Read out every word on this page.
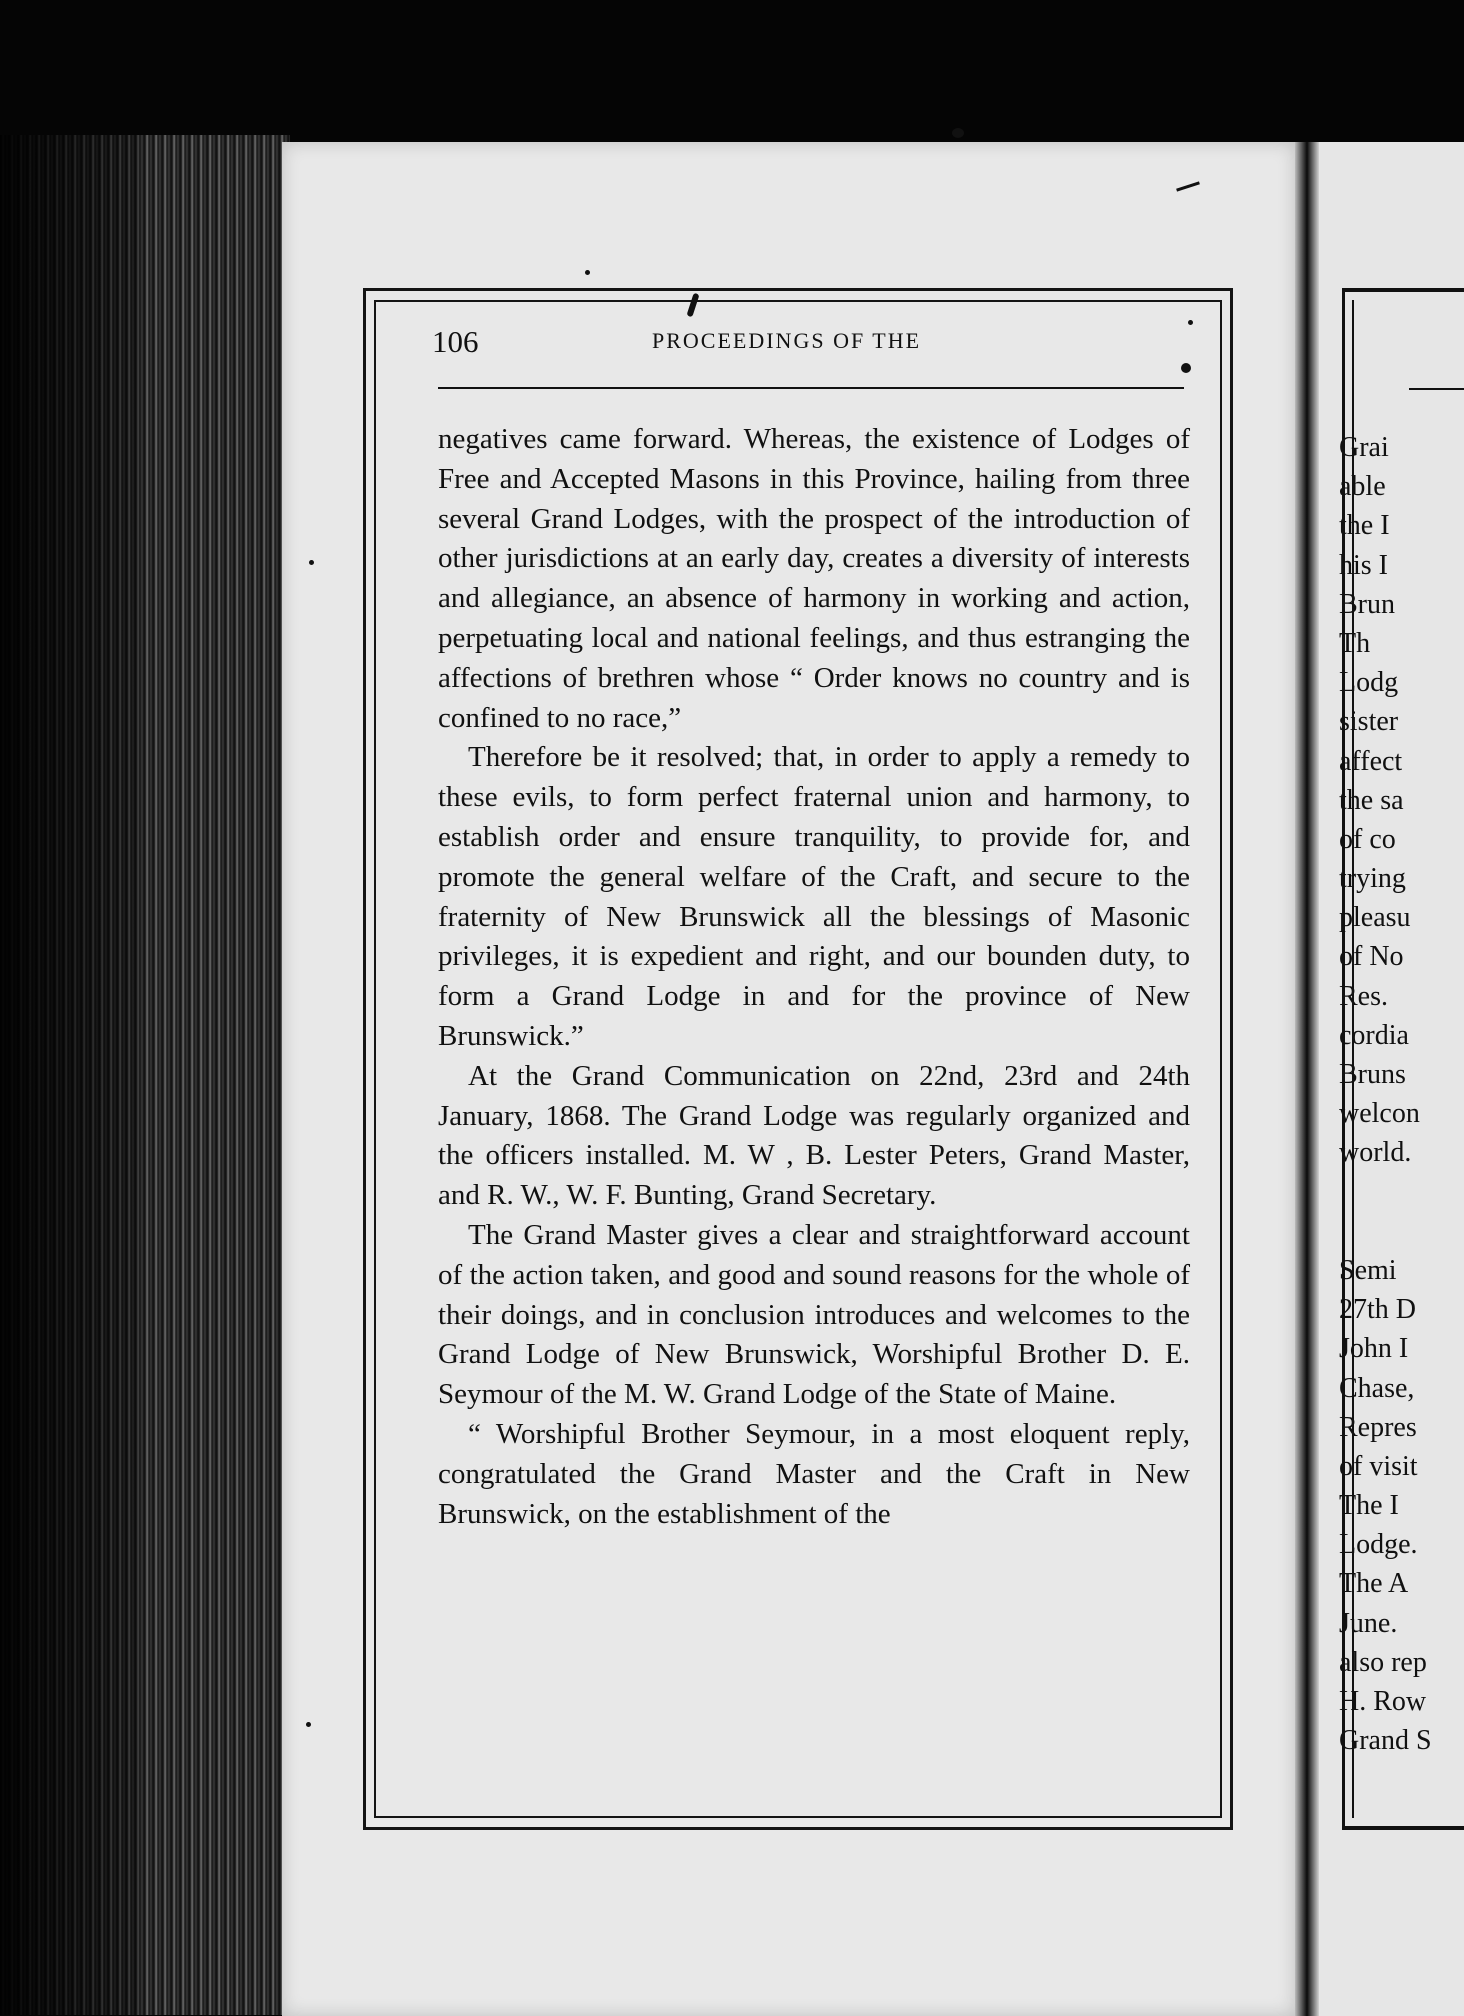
106	PROCEEDINGS OF THE

negatives came forward. Whereas, the existence of Lodges of Free and Accepted Masons in this Province, hailing from three several Grand Lodges, with the prospect of the introduction of other jurisdictions at an early day, creates a diversity of interests and allegiance, an absence of harmony in working and action, perpetuating local and national feelings, and thus estranging the affections of brethren whose “ Order knows no country and is confined to no race,”

Therefore be it resolved; that, in order to apply a remedy to these evils, to form perfect fraternal union and harmony, to establish order and ensure tranquility, to provide for, and promote the general welfare of the Craft, and secure to the fraternity of New Brunswick all the blessings of Masonic privileges, it is expedient and right, and our bounden duty, to form a Grand Lodge in and for the province of New Brunswick.”

At the Grand Communication on 22nd, 23rd and 24th January, 1868. The Grand Lodge was regularly organized and the officers installed. M. W , B. Lester Peters, Grand Master, and R. W., W. F. Bunting, Grand Secretary.

The Grand Master gives a clear and straightforward account of the action taken, and good and sound reasons for the whole of their doings, and in conclusion introduces and welcomes to the Grand Lodge of New Brunswick, Worshipful Brother D. E. Seymour of the M. W. Grand Lodge of the State of Maine.

“ Worshipful Brother Seymour, in a most eloquent reply, congratulated the Grand Master and the Craft in New Brunswick, on the establishment of the

Grai
able
the I
his I
Brun
Th
Lodg
sister
affect
the sa
of co
trying
pleasu
of No
Res.
cordia
Bruns
welcon
world.
Semi
27th D
John I
Chase,
Repres
of visit
The I
Lodge.
The A
June.
also rep
H. Row
Grand S
